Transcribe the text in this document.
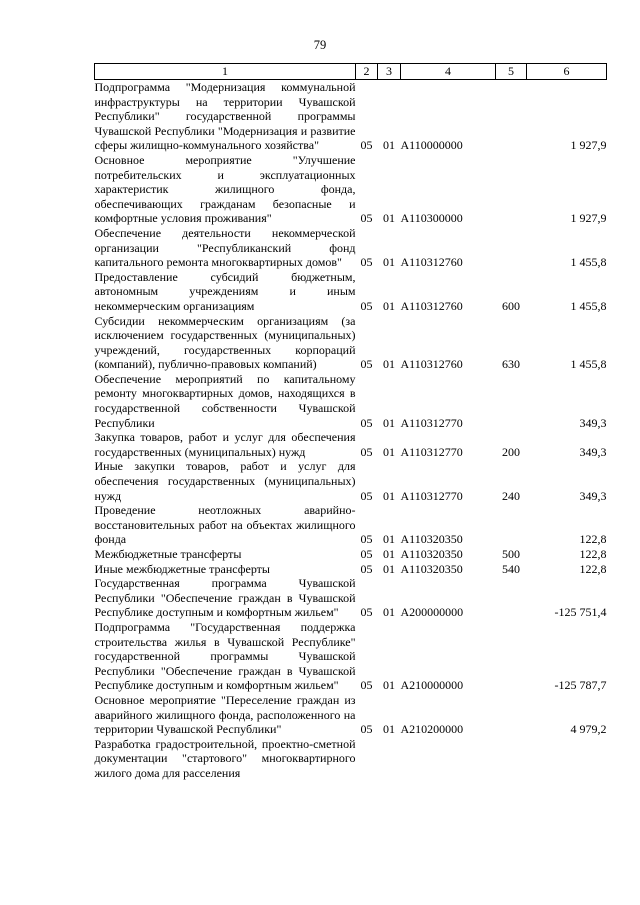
79
1	2	3	4	5	6
Подпрограмма "Модернизация коммунальной инфраструктуры на территории Чувашской Республики" государственной программы Чувашской Республики "Модернизация и развитие сферы жилищно-коммунального хозяйства"	05	01	A110000000		1 927,9
Основное мероприятие "Улучшение потребительских и эксплуатационных характеристик жилищного фонда, обеспечивающих гражданам безопасные и комфортные условия проживания"	05	01	A110300000		1 927,9
Обеспечение деятельности некоммерческой организации "Республиканский фонд капитального ремонта многоквартирных домов"	05	01	A110312760		1 455,8
Предоставление субсидий бюджетным, автономным учреждениям и иным некоммерческим организациям	05	01	A110312760	600	1 455,8
Субсидии некоммерческим организациям (за исключением государственных (муниципальных) учреждений, государственных корпораций (компаний), публично-правовых компаний)	05	01	A110312760	630	1 455,8
Обеспечение мероприятий по капитальному ремонту многоквартирных домов, находящихся в государственной собственности Чувашской Республики	05	01	A110312770		349,3
Закупка товаров, работ и услуг для обеспечения государственных (муниципальных) нужд	05	01	A110312770	200	349,3
Иные закупки товаров, работ и услуг для обеспечения государственных (муниципальных) нужд	05	01	A110312770	240	349,3
Проведение неотложных аварийно-восстановительных работ на объектах жилищного фонда	05	01	A110320350		122,8
Межбюджетные трансферты	05	01	A110320350	500	122,8
Иные межбюджетные трансферты	05	01	A110320350	540	122,8
Государственная программа Чувашской Республики "Обеспечение граждан в Чувашской Республике доступным и комфортным жильем"	05	01	A200000000		-125 751,4
Подпрограмма "Государственная поддержка строительства жилья в Чувашской Республике" государственной программы Чувашской Республики "Обеспечение граждан в Чувашской Республике доступным и комфортным жильем"	05	01	A210000000		-125 787,7
Основное мероприятие "Переселение граждан из аварийного жилищного фонда, расположенного на территории Чувашской Республики"	05	01	A210200000		4 979,2
Разработка градостроительной, проектно-сметной документации "стартового" многоквартирного жилого дома для расселения					
